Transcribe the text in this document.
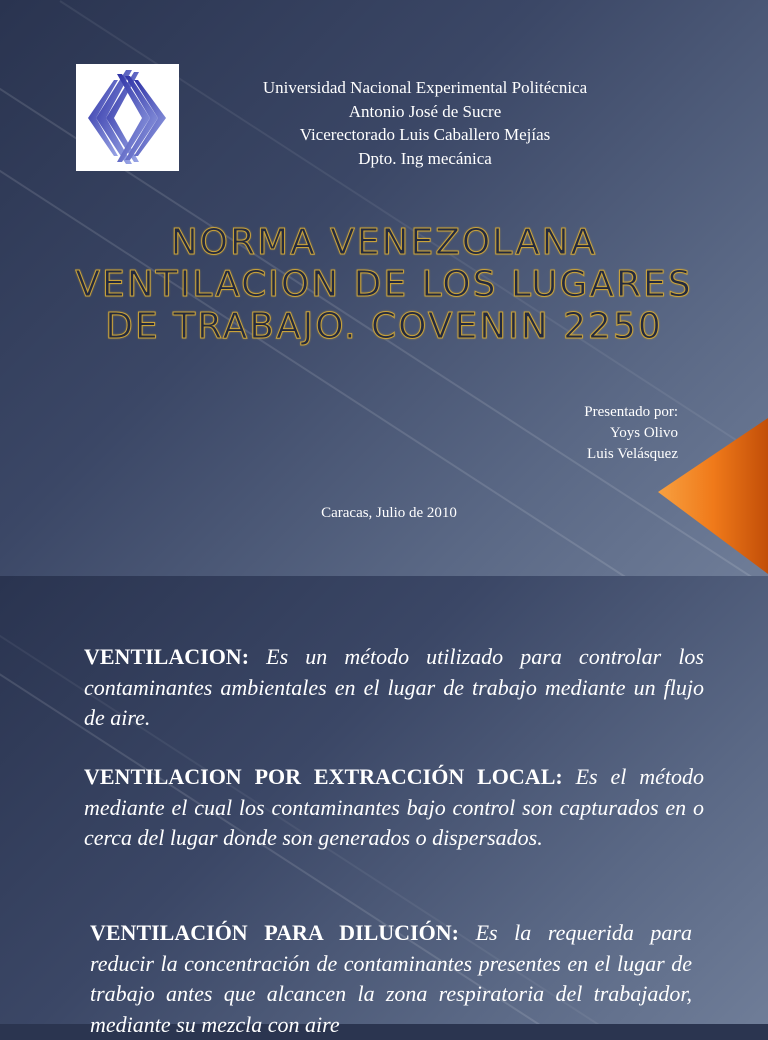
Universidad Nacional Experimental Politécnica
Antonio José de Sucre
Vicerectorado Luis Caballero Mejías
Dpto. Ing mecánica
NORMA VENEZOLANA
VENTILACION DE LOS LUGARES
DE TRABAJO. COVENIN 2250
Presentado por:
Yoys Olivo
Luis Velásquez
Caracas, Julio de 2010
VENTILACION: Es un método utilizado para controlar los contaminantes ambientales en el lugar de trabajo mediante un flujo de aire.
VENTILACION POR EXTRACCIÓN LOCAL: Es el método mediante el cual los contaminantes bajo control son capturados en o cerca del lugar donde son generados o dispersados.
VENTILACIÓN PARA DILUCIÓN: Es la requerida para reducir la concentración de contaminantes presentes en el lugar de trabajo antes que alcancen la zona respiratoria del trabajador, mediante su mezcla con aire
